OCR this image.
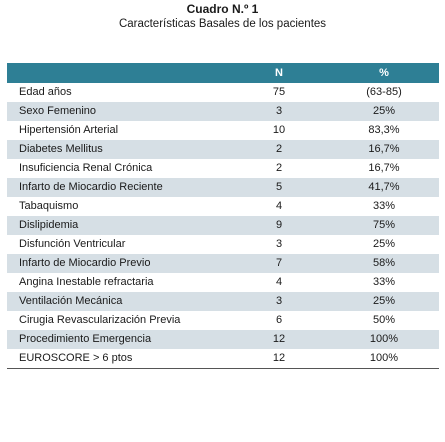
Cuadro N.º 1
Características Basales de los pacientes
	N	%
Edad años	75	(63-85)
Sexo Femenino	3	25%
Hipertensión Arterial	10	83,3%
Diabetes Mellitus	2	16,7%
Insuficiencia Renal Crónica	2	16,7%
Infarto de Miocardio Reciente	5	41,7%
Tabaquismo	4	33%
Dislipidemia	9	75%
Disfunción Ventricular	3	25%
Infarto de Miocardio Previo	7	58%
Angina Inestable refractaria	4	33%
Ventilación Mecánica	3	25%
Cirugia Revascularización Previa	6	50%
Procedimiento Emergencia	12	100%
EUROSCORE > 6 ptos	12	100%
